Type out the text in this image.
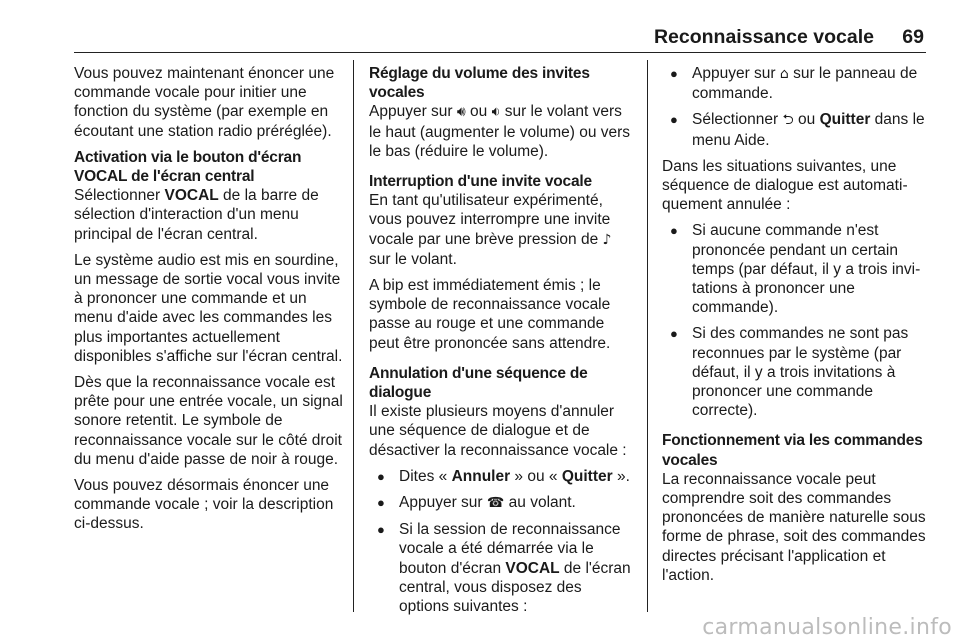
Reconnaissance vocale 69

Vous pouvez maintenant énoncer une commande vocale pour initier une fonction du système (par exemple en écoutant une station radio préréglée).

Activation via le bouton d'écran VOCAL de l'écran central

Sélectionner VOCAL de la barre de sélection d'interaction d'un menu principal de l'écran central.

Le système audio est mis en sourdine, un message de sortie vocal vous invite à prononcer une commande et un menu d'aide avec les commandes les plus importantes actuellement disponibles s'affiche sur l'écran central.

Dès que la reconnaissance vocale est prête pour une entrée vocale, un signal sonore retentit. Le symbole de reconnaissance vocale sur le côté droit du menu d'aide passe de noir à rouge.

Vous pouvez désormais énoncer une commande vocale ; voir la description ci-dessus.

Réglage du volume des invites vocales

Appuyer sur 🔊︎ ou 🔉︎ sur le volant vers le haut (augmenter le volume) ou vers le bas (réduire le volume).

Interruption d'une invite vocale

En tant qu'utilisateur expérimenté, vous pouvez interrompre une invite vocale par une brève pression de ♪ sur le volant.

A bip est immédiatement émis ; le symbole de reconnaissance vocale passe au rouge et une commande peut être prononcée sans attendre.

Annulation d'une séquence de dialogue

Il existe plusieurs moyens d'annuler une séquence de dialogue et de désactiver la reconnaissance vocale :

● Dites « Annuler » ou « Quitter ».
● Appuyer sur ☎ au volant.
● Si la session de reconnaissance vocale a été démarrée via le bouton d'écran VOCAL de l'écran central, vous disposez des options suivantes :
● Appuyer sur ⌂ sur le panneau de commande.
● Sélectionner ⮌ ou Quitter dans le menu Aide.

Dans les situations suivantes, une séquence de dialogue est automatiquement annulée :

● Si aucune commande n'est prononcée pendant un certain temps (par défaut, il y a trois invitations à prononcer une commande).
● Si des commandes ne sont pas reconnues par le système (par défaut, il y a trois invitations à prononcer une commande correcte).

Fonctionnement via les commandes vocales

La reconnaissance vocale peut comprendre soit des commandes prononcées de manière naturelle sous forme de phrase, soit des commandes directes précisant l'application et l'action.

carmanualsonline.info
